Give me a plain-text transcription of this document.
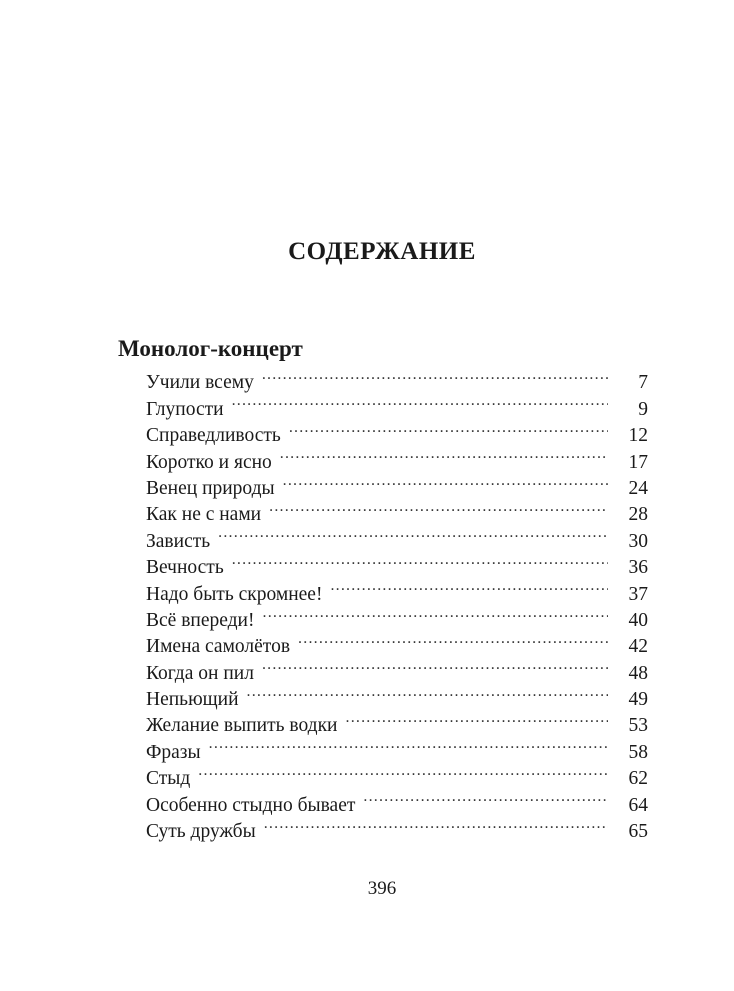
СОДЕРЖАНИЕ
Монолог-концерт
Учили всему .....	7
Глупости .....	9
Справедливость .....	12
Коротко и ясно .....	17
Венец природы .....	24
Как не с нами .....	28
Зависть .....	30
Вечность .....	36
Надо быть скромнее! .....	37
Всё впереди! .....	40
Имена самолётов .....	42
Когда он пил .....	48
Непьющий .....	49
Желание выпить водки .....	53
Фразы .....	58
Стыд .....	62
Особенно стыдно бывает .....	64
Суть дружбы .....	65
396
